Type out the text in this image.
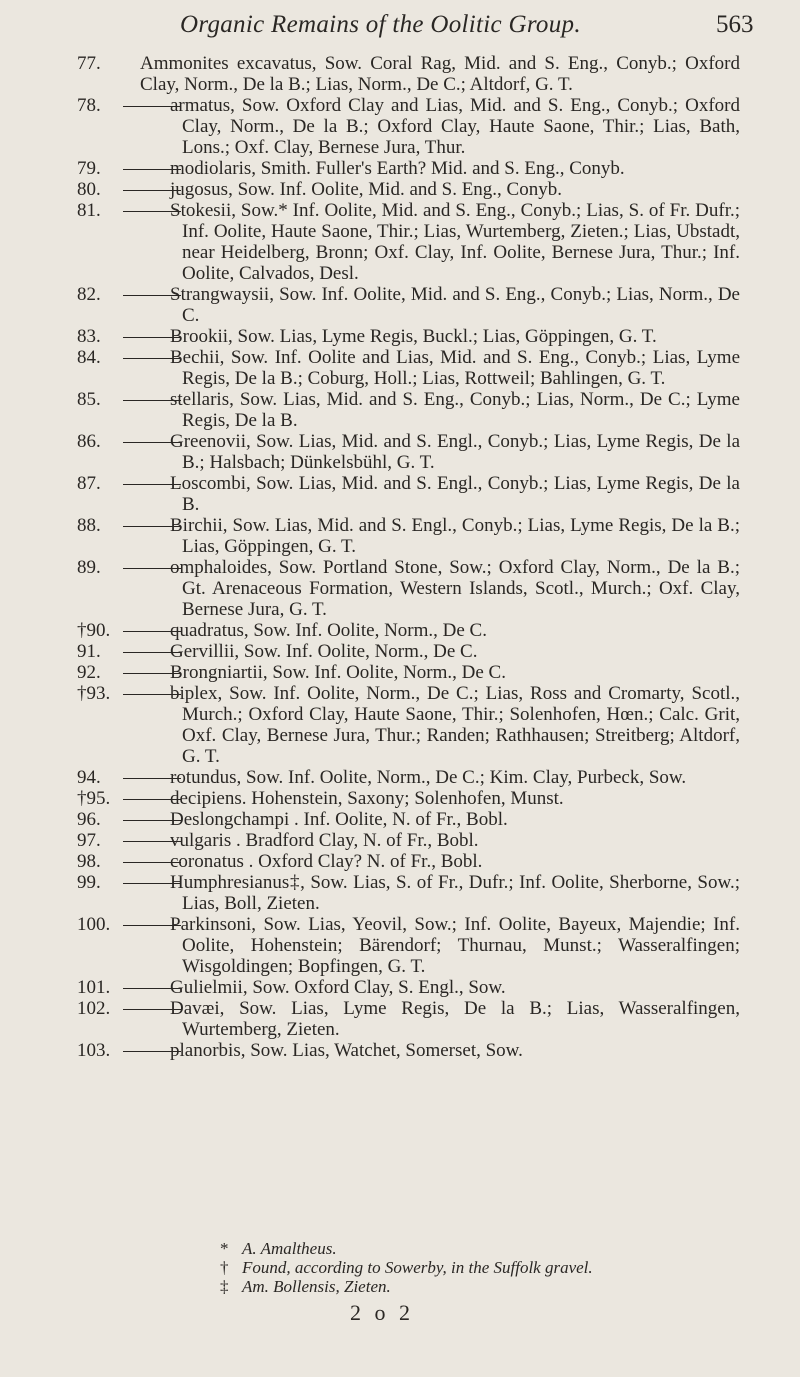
Organic Remains of the Oolitic Group.	563
77.	Ammonites excavatus, Sow. Coral Rag, Mid. and S. Eng., Conyb.; Oxford Clay, Norm., De la B.; Lias, Norm., De C.; Altdorf, G. T.

78.	armatus, Sow. Oxford Clay and Lias, Mid. and S. Eng., Conyb.; Oxford Clay, Norm., De la B.; Oxford Clay, Haute Saone, Thir.; Lias, Bath, Lons.; Oxf. Clay, Bernese Jura, Thur.

79.	modiolaris, Smith. Fuller's Earth? Mid. and S. Eng., Conyb.

80.	jugosus, Sow. Inf. Oolite, Mid. and S. Eng., Conyb.

81.	Stokesii, Sow.* Inf. Oolite, Mid. and S. Eng., Conyb.; Lias, S. of Fr. Dufr.; Inf. Oolite, Haute Saone, Thir.; Lias, Wurtemberg, Zieten.; Lias, Ubstadt, near Heidelberg, Bronn; Oxf. Clay, Inf. Oolite, Bernese Jura, Thur.; Inf. Oolite, Calvados, Desl.

82.	Strangwaysii, Sow. Inf. Oolite, Mid. and S. Eng., Conyb.; Lias, Norm., De C.

83.	Brookii, Sow. Lias, Lyme Regis, Buckl.; Lias, Göppingen, G. T.

84.	Bechii, Sow. Inf. Oolite and Lias, Mid. and S. Eng., Conyb.; Lias, Lyme Regis, De la B.; Coburg, Holl.; Lias, Rottweil; Bahlingen, G. T.

85.	stellaris, Sow. Lias, Mid. and S. Eng., Conyb.; Lias, Norm., De C.; Lyme Regis, De la B.

86.	Greenovii, Sow. Lias, Mid. and S. Engl., Conyb.; Lias, Lyme Regis, De la B.; Halsbach; Dünkelsbühl, G. T.

87.	Loscombi, Sow. Lias, Mid. and S. Engl., Conyb.; Lias, Lyme Regis, De la B.

88.	Birchii, Sow. Lias, Mid. and S. Engl., Conyb.; Lias, Lyme Regis, De la B.; Lias, Göppingen, G. T.

89.	omphaloides, Sow. Portland Stone, Sow.; Oxford Clay, Norm., De la B.; Gt. Arenaceous Formation, Western Islands, Scotl., Murch.; Oxf. Clay, Bernese Jura, G. T.

†90.	quadratus, Sow. Inf. Oolite, Norm., De C.

91.	Gervillii, Sow. Inf. Oolite, Norm., De C.

92.	Brongniartii, Sow. Inf. Oolite, Norm., De C.

†93.	biplex, Sow. Inf. Oolite, Norm., De C.; Lias, Ross and Cromarty, Scotl., Murch.; Oxford Clay, Haute Saone, Thir.; Solenhofen, Hœn.; Calc. Grit, Oxf. Clay, Bernese Jura, Thur.; Randen; Rathhausen; Streitberg; Altdorf, G. T.

94.	rotundus, Sow. Inf. Oolite, Norm., De C.; Kim. Clay, Purbeck, Sow.

†95.	decipiens. Hohenstein, Saxony; Solenhofen, Munst.

96.	Deslongchampi . Inf. Oolite, N. of Fr., Bobl.

97.	vulgaris . Bradford Clay, N. of Fr., Bobl.

98.	coronatus . Oxford Clay? N. of Fr., Bobl.

99.	Humphresianus‡, Sow. Lias, S. of Fr., Dufr.; Inf. Oolite, Sherborne, Sow.; Lias, Boll, Zieten.

100.	Parkinsoni, Sow. Lias, Yeovil, Sow.; Inf. Oolite, Bayeux, Majendie; Inf. Oolite, Hohenstein; Bärendorf; Thurnau, Munst.; Wasseralfingen; Wisgoldingen; Bopfingen, G. T.

101.	Gulielmii, Sow. Oxford Clay, S. Engl., Sow.

102.	Davæi, Sow. Lias, Lyme Regis, De la B.; Lias, Wasseralfingen, Wurtemberg, Zieten.

103.	planorbis, Sow. Lias, Watchet, Somerset, Sow.

* A. Amaltheus.

† Found, according to Sowerby, in the Suffolk gravel.

‡ Am. Bollensis, Zieten.

2 o 2
